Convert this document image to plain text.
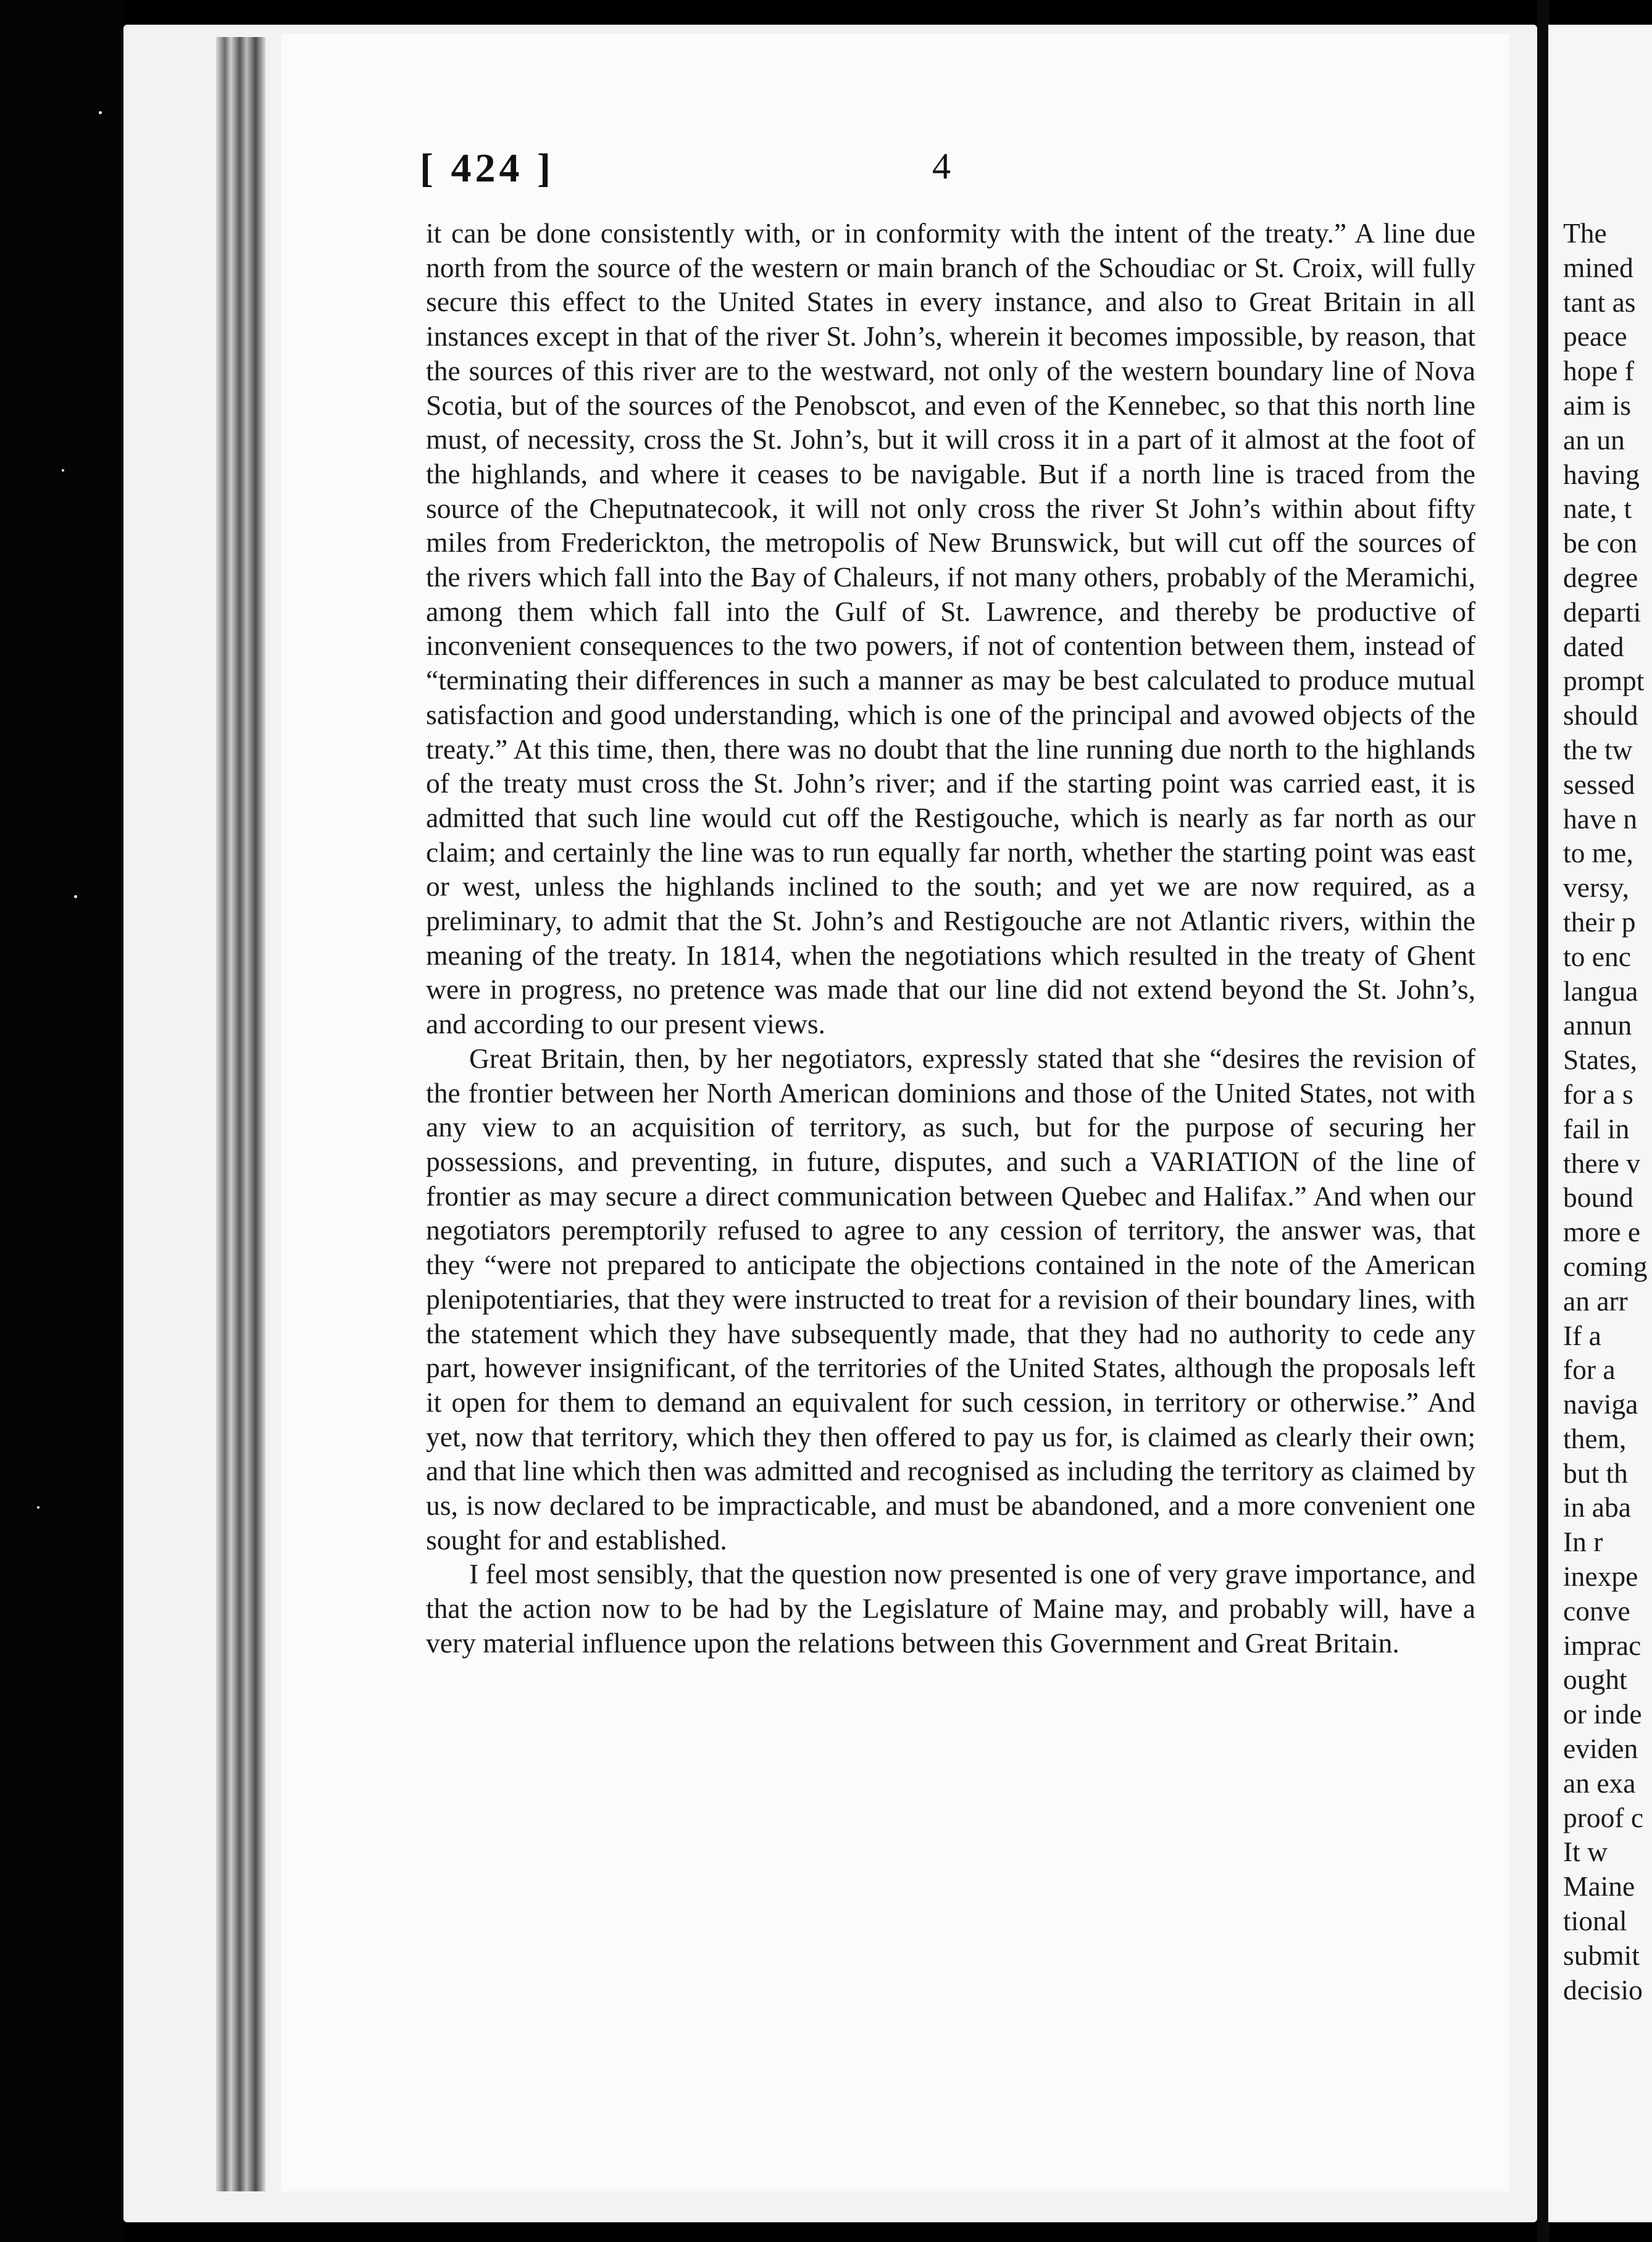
[ 424 ]	4

it can be done consistently with, or in conformity with the intent of the treaty.” A line due north from the source of the western or main branch of the Schoudiac or St. Croix, will fully secure this effect to the United States in every instance, and also to Great Britain in all instances except in that of the river St. John’s, wherein it becomes impossible, by reason, that the sources of this river are to the westward, not only of the western boundary line of Nova Scotia, but of the sources of the Penobscot, and even of the Kennebec, so that this north line must, of necessity, cross the St. John’s, but it will cross it in a part of it almost at the foot of the highlands, and where it ceases to be navigable. But if a north line is traced from the source of the Cheputnatecook, it will not only cross the river St John’s within about fifty miles from Frederickton, the metropolis of New Brunswick, but will cut off the sources of the rivers which fall into the Bay of Chaleurs, if not many others, probably of the Meramichi, among them which fall into the Gulf of St. Lawrence, and thereby be productive of inconvenient consequences to the two powers, if not of contention between them, instead of “terminating their differences in such a manner as may be best calculated to produce mutual satisfaction and good understanding, which is one of the principal and avowed objects of the treaty.” At this time, then, there was no doubt that the line running due north to the highlands of the treaty must cross the St. John’s river; and if the starting point was carried east, it is admitted that such line would cut off the Restigouche, which is nearly as far north as our claim; and certainly the line was to run equally far north, whether the starting point was east or west, unless the highlands inclined to the south; and yet we are now required, as a preliminary, to admit that the St. John’s and Restigouche are not Atlantic rivers, within the meaning of the treaty. In 1814, when the negotiations which resulted in the treaty of Ghent were in progress, no pretence was made that our line did not extend beyond the St. John’s, and according to our present views.

Great Britain, then, by her negotiators, expressly stated that she “desires the revision of the frontier between her North American dominions and those of the United States, not with any view to an acquisition of territory, as such, but for the purpose of securing her possessions, and preventing, in future, disputes, and such a VARIATION of the line of frontier as may secure a direct communication between Quebec and Halifax.” And when our negotiators peremptorily refused to agree to any cession of territory, the answer was, that they “were not prepared to anticipate the objections contained in the note of the American plenipotentiaries, that they were instructed to treat for a revision of their boundary lines, with the statement which they have subsequently made, that they had no authority to cede any part, however insignificant, of the territories of the United States, although the proposals left it open for them to demand an equivalent for such cession, in territory or otherwise.” And yet, now that territory, which they then offered to pay us for, is claimed as clearly their own; and that line which then was admitted and recognised as including the territory as claimed by us, is now declared to be impracticable, and must be abandoned, and a more convenient one sought for and established.

I feel most sensibly, that the question now presented is one of very grave importance, and that the action now to be had by the Legislature of Maine may, and probably will, have a very material influence upon the relations between this Government and Great Britain.

The
mined
tant as
peace
hope f
aim is
an un
having
nate, t
be con
degree
departi
dated
prompt
should
the tw
sessed
have n
to me,
versy,
their p
to enc
langua
annun
States,
for a s
fail in
there v
bound
more e
coming
an arr
If a
for a
naviga
them,
but th
in aba
In r
inexpe
conve
imprac
ought
or inde
eviden
an exa
proof c
It w
Maine
tional
submit
decisio
